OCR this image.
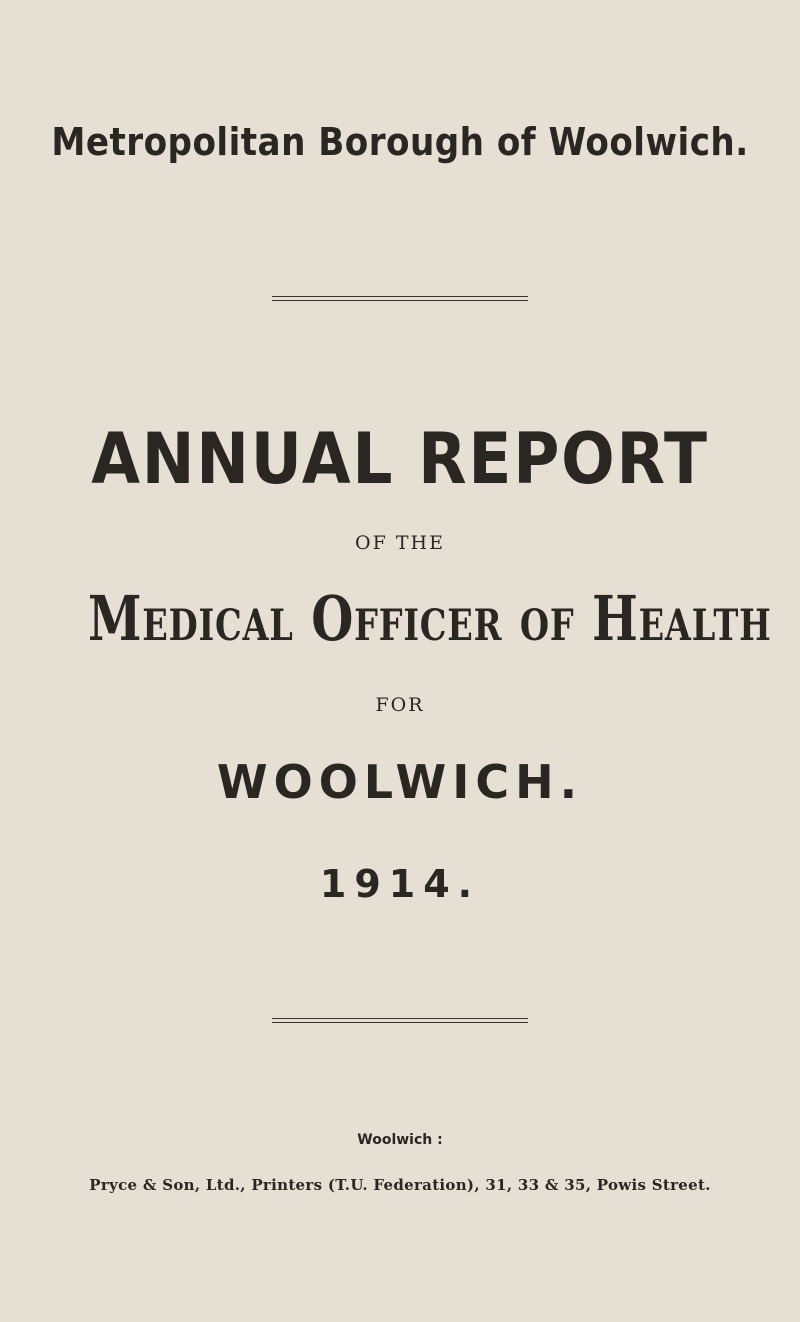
Metropolitan Borough of Woolwich.
ANNUAL REPORT
OF THE
Medical Officer of Health
FOR
WOOLWICH.
1914.
Woolwich :
Pryce & Son, Ltd., Printers (T.U. Federation), 31, 33 & 35, Powis Street.
